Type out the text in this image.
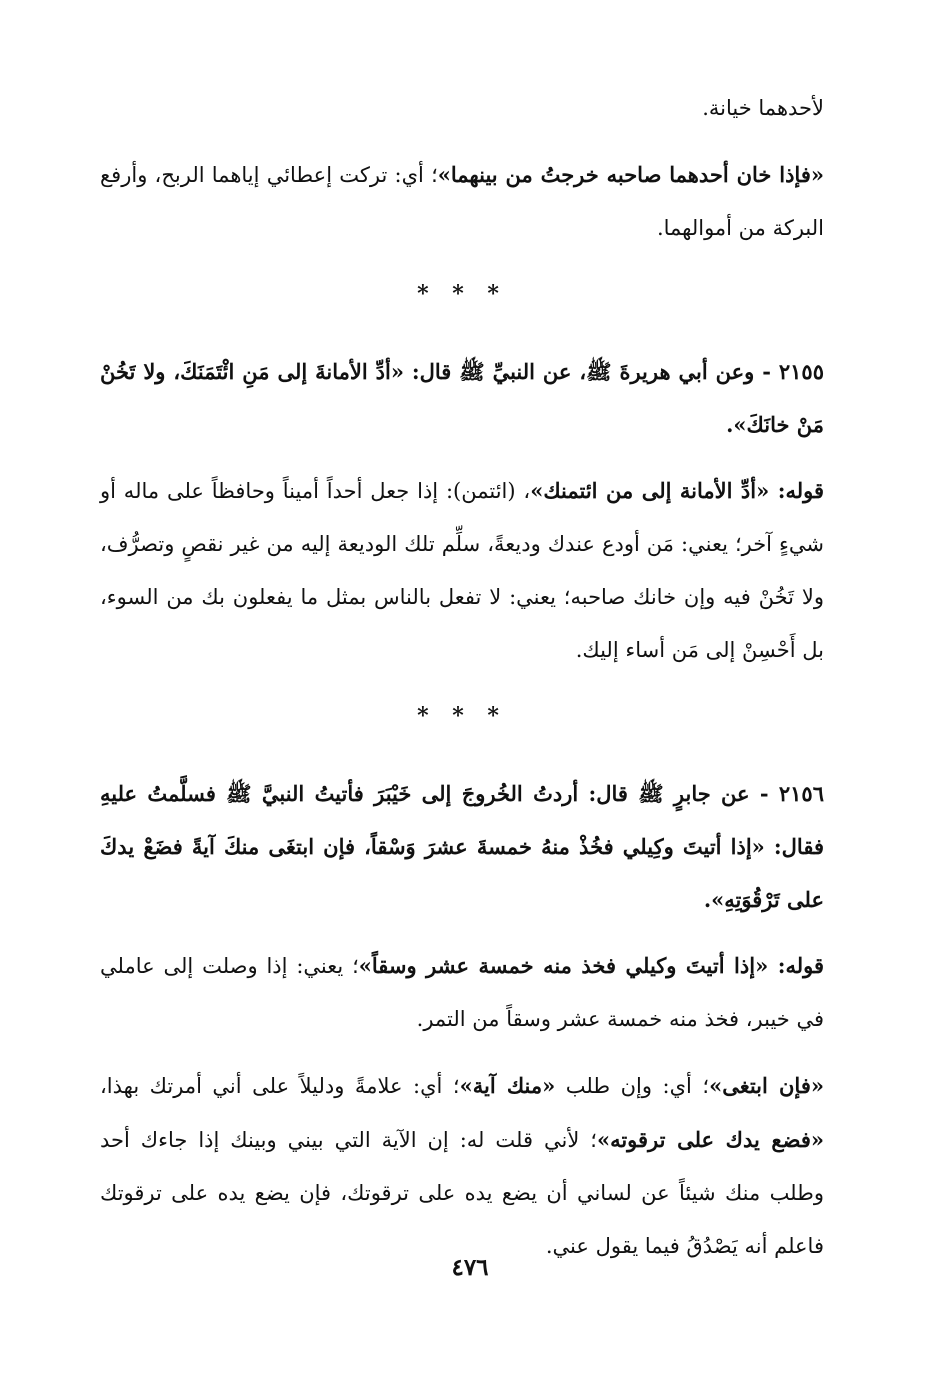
لأحدهما خيانة.

«فإذا خان أحدهما صاحبه خرجتُ من بينهما»؛ أي: تركت إعطائي إياهما الربح، وأرفع البركة من أموالهما.

* * *

٢١٥٥ - وعن أبي هريرةَ ﷺ، عن النبيِّ ﷺ قال: «أدِّ الأمانةَ إلى مَنِ ائْتَمَنَكَ، ولا تَخُنْ مَنْ خانَكَ».

قوله: «أدِّ الأمانة إلى من ائتمنك»، (ائتمن): إذا جعل أحداً أميناً وحافظاً على ماله أو شيءٍ آخر؛ يعني: مَن أودع عندك وديعةً، سلِّم تلك الوديعة إليه من غير نقصٍ وتصرُّف، ولا تَخُنْ فيه وإن خانك صاحبه؛ يعني: لا تفعل بالناس بمثل ما يفعلون بك من السوء، بل أَحْسِنْ إلى مَن أساء إليك.

* * *

٢١٥٦ - عن جابرٍ ﷺ قال: أردتُ الخُروجَ إلى خَيْبَرَ فأتيتُ النبيَّ ﷺ فسلَّمتُ عليهِ فقال: «إذا أتيتَ وكِيلي فخُذْ منهُ خمسةَ عشرَ وَسْقاً، فإن ابتغَى منكَ آيةً فضَعْ يدكَ على تَرْقُوَتِهِ».

قوله: «إذا أتيتَ وكيلي فخذ منه خمسة عشر وسقاً»؛ يعني: إذا وصلت إلى عاملي في خيبر، فخذ منه خمسة عشر وسقاً من التمر.

«فإن ابتغى»؛ أي: وإن طلب «منك آية»؛ أي: علامةً ودليلاً على أني أمرتك بهذا، «فضع يدك على ترقوته»؛ لأني قلت له: إن الآية التي بيني وبينك إذا جاءك أحد وطلب منك شيئاً عن لساني أن يضع يده على ترقوتك، فإن يضع يده على ترقوتك فاعلم أنه يَصْدُقُ فيما يقول عني.

٤٧٦
